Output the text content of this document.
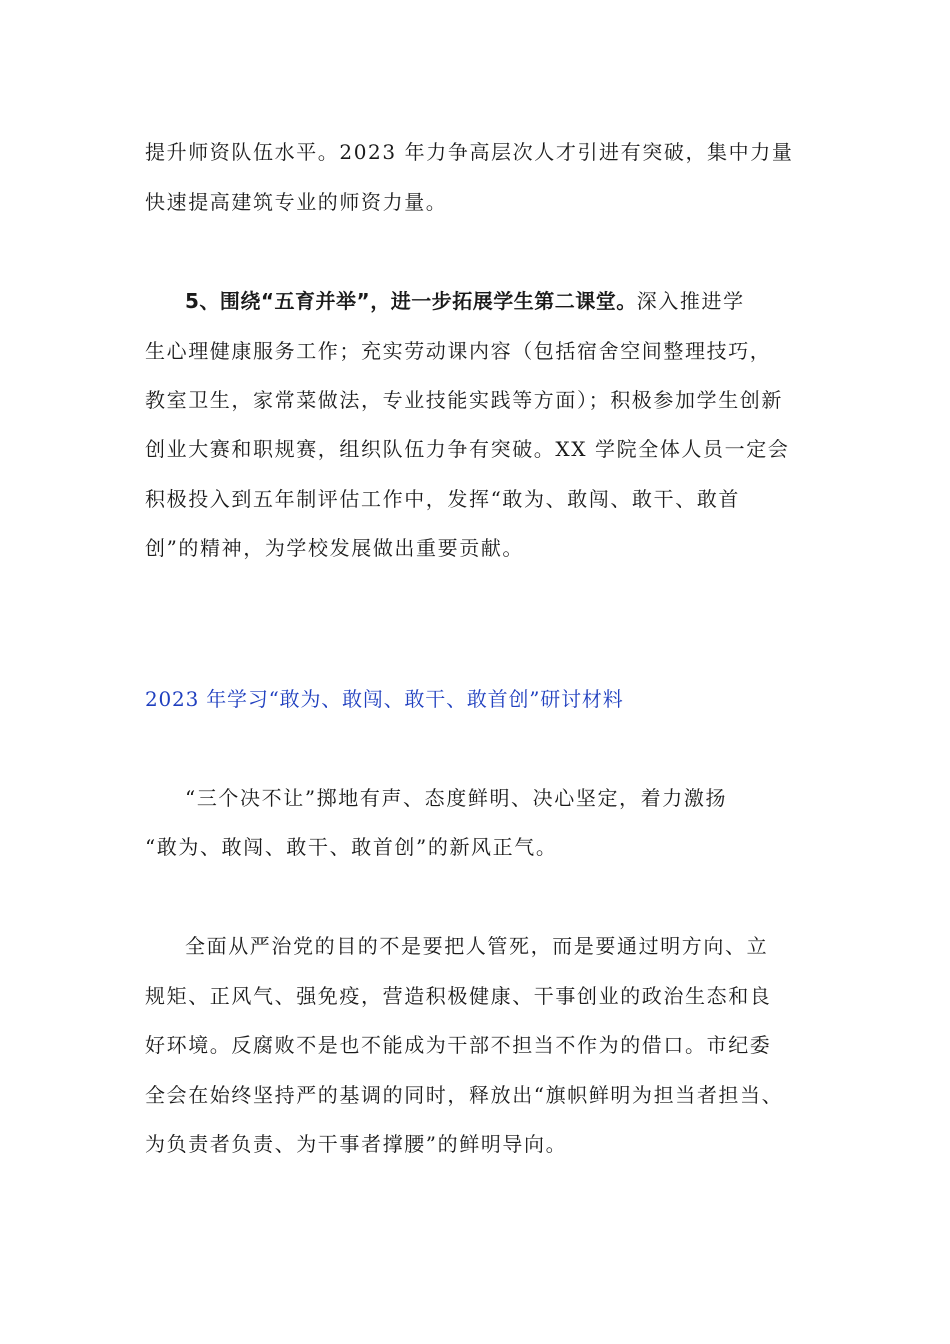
提升师资队伍水平。2023 年力争高层次人才引进有突破，集中力量
快速提高建筑专业的师资力量。
5、围绕“五育并举”，进一步拓展学生第二课堂。深入推进学
生心理健康服务工作；充实劳动课内容（包括宿舍空间整理技巧，
教室卫生，家常菜做法，专业技能实践等方面）；积极参加学生创新
创业大赛和职规赛，组织队伍力争有突破。XX 学院全体人员一定会
积极投入到五年制评估工作中，发挥“敢为、敢闯、敢干、敢首
创”的精神，为学校发展做出重要贡献。
2023 年学习“敢为、敢闯、敢干、敢首创”研讨材料
“三个决不让”掷地有声、态度鲜明、决心坚定，着力激扬
“敢为、敢闯、敢干、敢首创”的新风正气。
全面从严治党的目的不是要把人管死，而是要通过明方向、立
规矩、正风气、强免疫，营造积极健康、干事创业的政治生态和良
好环境。反腐败不是也不能成为干部不担当不作为的借口。市纪委
全会在始终坚持严的基调的同时，释放出“旗帜鲜明为担当者担当、
为负责者负责、为干事者撑腰”的鲜明导向。
